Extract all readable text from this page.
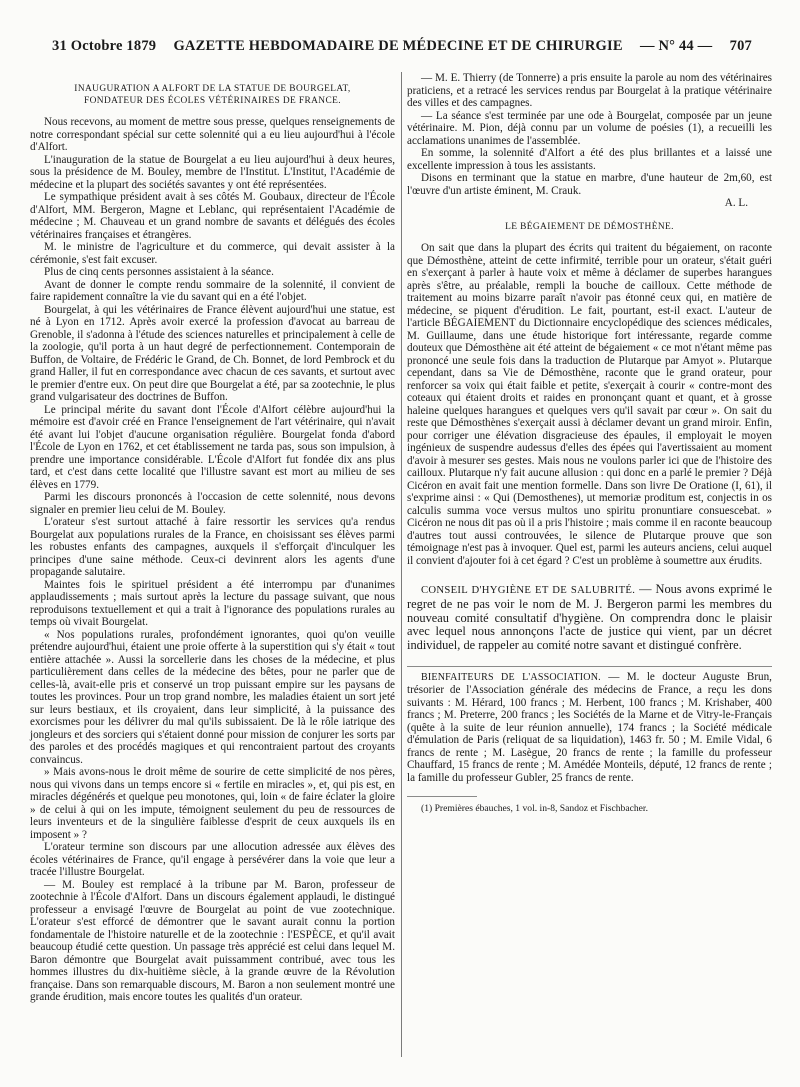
31 Octobre 1879 GAZETTE HEBDOMADAIRE DE MÉDECINE ET DE CHIRURGIE — N° 44 — 707
INAUGURATION A ALFORT DE LA STATUE DE BOURGELAT,
FONDATEUR DES ÉCOLES VÉTÉRINAIRES DE FRANCE.

Nous recevons, au moment de mettre sous presse, quelques renseignements de notre correspondant spécial sur cette solennité qui a eu lieu aujourd'hui à l'école d'Alfort.

L'inauguration de la statue de Bourgelat a eu lieu aujourd'hui à deux heures, sous la présidence de M. Bouley, membre de l'Institut. L'Institut, l'Académie de médecine et la plupart des sociétés savantes y ont été représentées.

Le sympathique président avait à ses côtés M. Goubaux, directeur de l'École d'Alfort, MM. Bergeron, Magne et Leblanc, qui représentaient l'Académie de médecine ; M. Chauveau et un grand nombre de savants et délégués des écoles vétérinaires françaises et étrangères.

M. le ministre de l'agriculture et du commerce, qui devait assister à la cérémonie, s'est fait excuser.

Plus de cinq cents personnes assistaient à la séance.

Avant de donner le compte rendu sommaire de la solennité, il convient de faire rapidement connaître la vie du savant qui en a été l'objet.

Bourgelat, à qui les vétérinaires de France élèvent aujourd'hui une statue, est né à Lyon en 1712. Après avoir exercé la profession d'avocat au barreau de Grenoble, il s'adonna à l'étude des sciences naturelles et principalement à celle de la zoologie, qu'il porta à un haut degré de perfectionnement. Contemporain de Buffon, de Voltaire, de Frédéric le Grand, de Ch. Bonnet, de lord Pembrock et du grand Haller, il fut en correspondance avec chacun de ces savants, et surtout avec le premier d'entre eux. On peut dire que Bourgelat a été, par sa zootechnie, le plus grand vulgarisateur des doctrines de Buffon.

Le principal mérite du savant dont l'École d'Alfort célèbre aujourd'hui la mémoire est d'avoir créé en France l'enseignement de l'art vétérinaire, qui n'avait été avant lui l'objet d'aucune organisation régulière. Bourgelat fonda d'abord l'École de Lyon en 1762, et cet établissement ne tarda pas, sous son impulsion, à prendre une importance considérable. L'École d'Alfort fut fondée dix ans plus tard, et c'est dans cette localité que l'illustre savant est mort au milieu de ses élèves en 1779.

Parmi les discours prononcés à l'occasion de cette solennité, nous devons signaler en premier lieu celui de M. Bouley.

L'orateur s'est surtout attaché à faire ressortir les services qu'a rendus Bourgelat aux populations rurales de la France, en choisissant ses élèves parmi les robustes enfants des campagnes, auxquels il s'efforçait d'inculquer les principes d'une saine méthode. Ceux-ci devinrent alors les agents d'une propagande salutaire.

Maintes fois le spirituel président a été interrompu par d'unanimes applaudissements ; mais surtout après la lecture du passage suivant, que nous reproduisons textuellement et qui a trait à l'ignorance des populations rurales au temps où vivait Bourgelat.

« Nos populations rurales, profondément ignorantes, quoi qu'on veuille prétendre aujourd'hui, étaient une proie offerte à la superstition qui s'y était « tout entière attachée ». Aussi la sorcellerie dans les choses de la médecine, et plus particulièrement dans celles de la médecine des bêtes, pour ne parler que de celles-là, avait-elle pris et conservé un trop puissant empire sur les paysans de toutes les provinces. Pour un trop grand nombre, les maladies étaient un sort jeté sur leurs bestiaux, et ils croyaient, dans leur simplicité, à la puissance des exorcismes pour les délivrer du mal qu'ils subissaient. De là le rôle iatrique des jongleurs et des sorciers qui s'étaient donné pour mission de conjurer les sorts par des paroles et des procédés magiques et qui rencontraient partout des croyants convaincus.

» Mais avons-nous le droit même de sourire de cette simplicité de nos pères, nous qui vivons dans un temps encore si « fertile en miracles », et, qui pis est, en miracles dégénérés et quelque peu monotones, qui, loin « de faire éclater la gloire » de celui à qui on les impute, témoignent seulement du peu de ressources de leurs inventeurs et de la singulière faiblesse d'esprit de ceux auxquels ils en imposent » ?

L'orateur termine son discours par une allocution adressée aux élèves des écoles vétérinaires de France, qu'il engage à persévérer dans la voie que leur a tracée l'illustre Bourgelat.

— M. Bouley est remplacé à la tribune par M. Baron, professeur de zootechnie à l'École d'Alfort. Dans un discours également applaudi, le distingué professeur a envisagé l'œuvre de Bourgelat au point de vue zootechnique. L'orateur s'est efforcé de démontrer que le savant aurait connu la portion fondamentale de l'histoire naturelle et de la zootechnie : l'ESPÈCE, et qu'il avait beaucoup étudié cette question. Un passage très apprécié est celui dans lequel M. Baron démontre que Bourgelat avait puissamment contribué, avec tous les hommes illustres du dix-huitième siècle, à la grande œuvre de la Révolution française. Dans son remarquable discours, M. Baron a non seulement montré une grande érudition, mais encore toutes les qualités d'un orateur.

— M. E. Thierry (de Tonnerre) a pris ensuite la parole au nom des vétérinaires praticiens, et a retracé les services rendus par Bourgelat à la pratique vétérinaire des villes et des campagnes.

— La séance s'est terminée par une ode à Bourgelat, composée par un jeune vétérinaire. M. Pion, déjà connu par un volume de poésies (1), a recueilli les acclamations unanimes de l'assemblée.

En somme, la solennité d'Alfort a été des plus brillantes et a laissé une excellente impression à tous les assistants.

Disons en terminant que la statue en marbre, d'une hauteur de 2m,60, est l'œuvre d'un artiste éminent, M. Crauk.

A. L.

LE BÉGAIEMENT DE DÉMOSTHÈNE.

On sait que dans la plupart des écrits qui traitent du bégaiement, on raconte que Démosthène, atteint de cette infirmité, terrible pour un orateur, s'était guéri en s'exerçant à parler à haute voix et même à déclamer de superbes harangues après s'être, au préalable, rempli la bouche de cailloux. Cette méthode de traitement au moins bizarre paraît n'avoir pas étonné ceux qui, en matière de médecine, se piquent d'érudition. Le fait, pourtant, est-il exact. L'auteur de l'article BÉGAIEMENT du Dictionnaire encyclopédique des sciences médicales, M. Guillaume, dans une étude historique fort intéressante, regarde comme douteux que Démosthène ait été atteint de bégaiement « ce mot n'étant même pas prononcé une seule fois dans la traduction de Plutarque par Amyot ». Plutarque cependant, dans sa Vie de Démosthène, raconte que le grand orateur, pour renforcer sa voix qui était faible et petite, s'exerçait à courir « contre-mont des coteaux qui étaient droits et raides en prononçant quant et quant, et à grosse haleine quelques harangues et quelques vers qu'il savait par cœur ». On sait du reste que Démosthènes s'exerçait aussi à déclamer devant un grand miroir. Enfin, pour corriger une élévation disgracieuse des épaules, il employait le moyen ingénieux de suspendre audessus d'elles des épées qui l'avertissaient au moment d'avoir à mesurer ses gestes. Mais nous ne voulons parler ici que de l'histoire des cailloux. Plutarque n'y fait aucune allusion : qui donc en a parlé le premier ? Déjà Cicéron en avait fait une mention formelle. Dans son livre De Oratione (I, 61), il s'exprime ainsi : « Qui (Demosthenes), ut memoriæ proditum est, conjectis in os calculis summa voce versus multos uno spiritu pronuntiare consuescebat. » Cicéron ne nous dit pas où il a pris l'histoire ; mais comme il en raconte beaucoup d'autres tout aussi controuvées, le silence de Plutarque prouve que son témoignage n'est pas à invoquer. Quel est, parmi les auteurs anciens, celui auquel il convient d'ajouter foi à cet égard ? C'est un problème à soumettre aux érudits.

CONSEIL D'HYGIÈNE ET DE SALUBRITÉ. — Nous avons exprimé le regret de ne pas voir le nom de M. J. Bergeron parmi les membres du nouveau comité consultatif d'hygiène. On comprendra donc le plaisir avec lequel nous annonçons l'acte de justice qui vient, par un décret individuel, de rappeler au comité notre savant et distingué confrère.

BIENFAITEURS DE L'ASSOCIATION. — M. le docteur Auguste Brun, trésorier de l'Association générale des médecins de France, a reçu les dons suivants : M. Hérard, 100 francs ; M. Herbent, 100 francs ; M. Krishaber, 400 francs ; M. Preterre, 200 francs ; les Sociétés de la Marne et de Vitry-le-Français (quête à la suite de leur réunion annuelle), 174 francs ; la Société médicale d'émulation de Paris (reliquat de sa liquidation), 1463 fr. 50 ; M. Emile Vidal, 6 francs de rente ; M. Lasègue, 20 francs de rente ; la famille du professeur Chauffard, 15 francs de rente ; M. Amédée Monteils, député, 12 francs de rente ; la famille du professeur Gubler, 25 francs de rente.

(1) Premières ébauches, 1 vol. in-8, Sandoz et Fischbacher.
